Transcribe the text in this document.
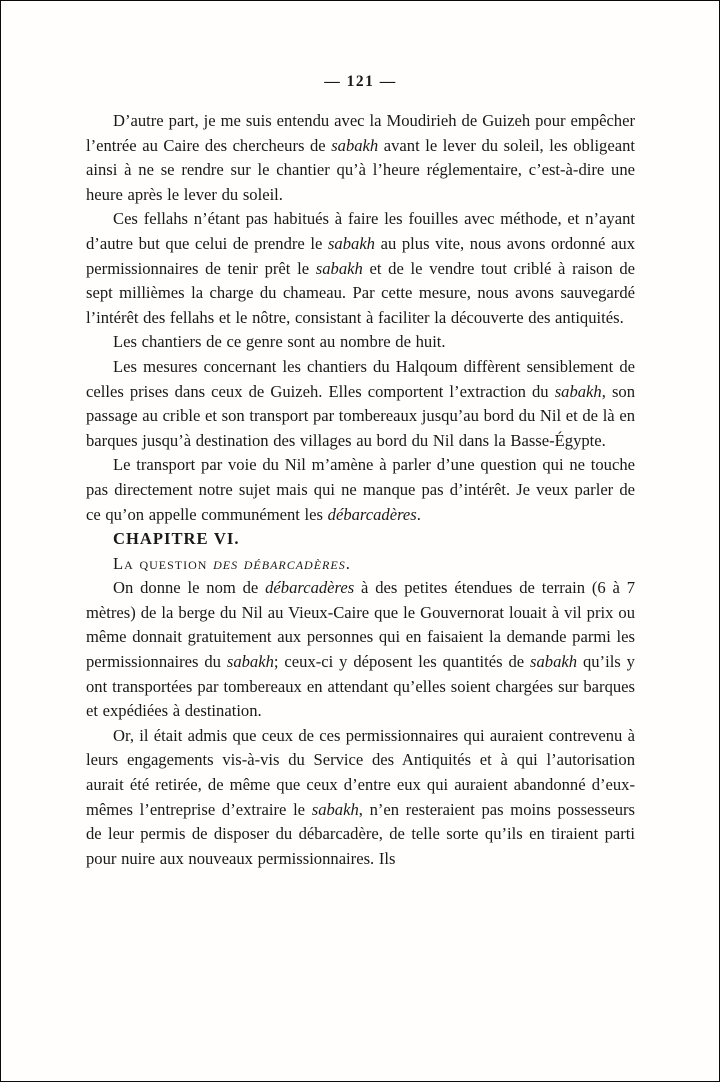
— 121 —

D’autre part, je me suis entendu avec la Moudirieh de Guizeh pour empêcher l’entrée au Caire des chercheurs de sabakh avant le lever du soleil, les obligeant ainsi à ne se rendre sur le chantier qu’à l’heure réglementaire, c’est-à-dire une heure après le lever du soleil.

Ces fellahs n’étant pas habitués à faire les fouilles avec méthode, et n’ayant d’autre but que celui de prendre le sabakh au plus vite, nous avons ordonné aux permissionnaires de tenir prêt le sabakh et de le vendre tout criblé à raison de sept millièmes la charge du chameau. Par cette mesure, nous avons sauvegardé l’intérêt des fellahs et le nôtre, consistant à faciliter la découverte des antiquités.

Les chantiers de ce genre sont au nombre de huit.

Les mesures concernant les chantiers du Halqoum diffèrent sensiblement de celles prises dans ceux de Guizeh. Elles comportent l’extraction du sabakh, son passage au crible et son transport par tombereaux jusqu’au bord du Nil et de là en barques jusqu’à destination des villages au bord du Nil dans la Basse-Égypte.

Le transport par voie du Nil m’amène à parler d’une question qui ne touche pas directement notre sujet mais qui ne manque pas d’intérêt. Je veux parler de ce qu’on appelle communément les débarcadères.

CHAPITRE VI.

La question des débarcadères.

On donne le nom de débarcadères à des petites étendues de terrain (6 à 7 mètres) de la berge du Nil au Vieux-Caire que le Gouvernorat louait à vil prix ou même donnait gratuitement aux personnes qui en faisaient la demande parmi les permissionnaires du sabakh; ceux-ci y déposent les quantités de sabakh qu’ils y ont transportées par tombereaux en attendant qu’elles soient chargées sur barques et expédiées à destination.

Or, il était admis que ceux de ces permissionnaires qui auraient contrevenu à leurs engagements vis-à-vis du Service des Antiquités et à qui l’autorisation aurait été retirée, de même que ceux d’entre eux qui auraient abandonné d’eux-mêmes l’entreprise d’extraire le sabakh, n’en resteraient pas moins possesseurs de leur permis de disposer du débarcadère, de telle sorte qu’ils en tiraient parti pour nuire aux nouveaux permissionnaires. Ils
